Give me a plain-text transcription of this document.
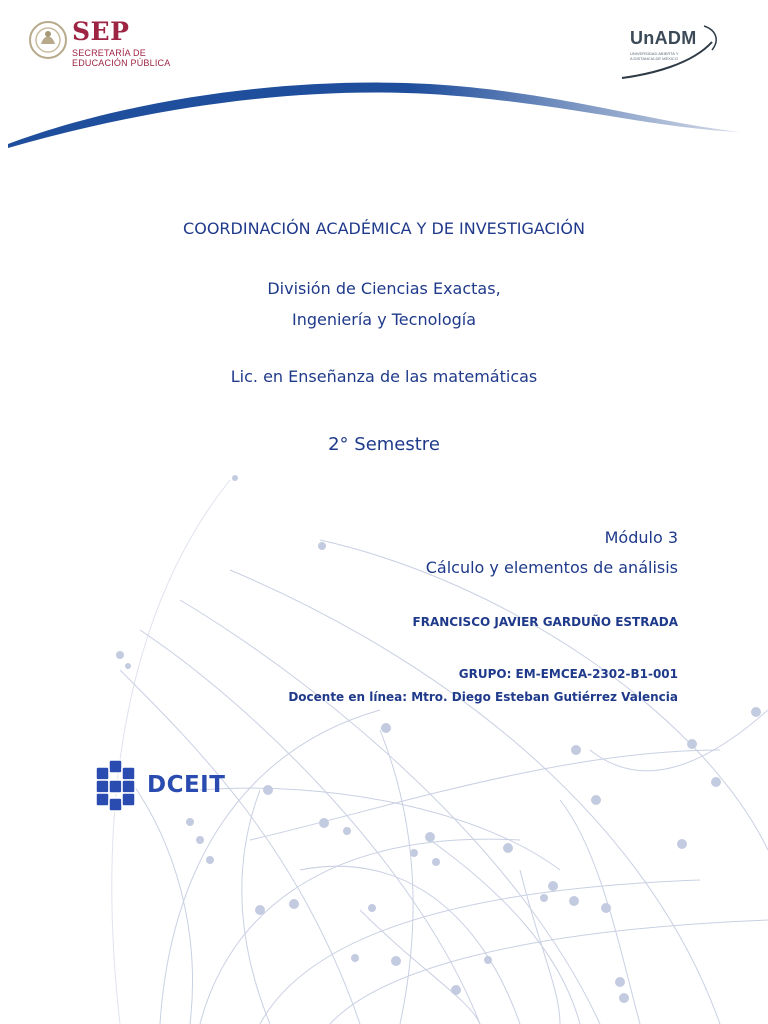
SEP
SECRETARÍA DE
EDUCACIÓN PÚBLICA
UnADM
UNIVERSIDAD ABIERTA Y
A DISTANCIA DE MÉXICO
COORDINACIÓN ACADÉMICA Y DE INVESTIGACIÓN
División de Ciencias Exactas,
Ingeniería y Tecnología
Lic. en Enseñanza de las matemáticas
2° Semestre
Módulo 3
Cálculo y elementos de análisis
FRANCISCO JAVIER GARDUÑO ESTRADA
GRUPO: EM-EMCEA-2302-B1-001
Docente en línea: Mtro. Diego Esteban Gutiérrez Valencia
DCEIT
